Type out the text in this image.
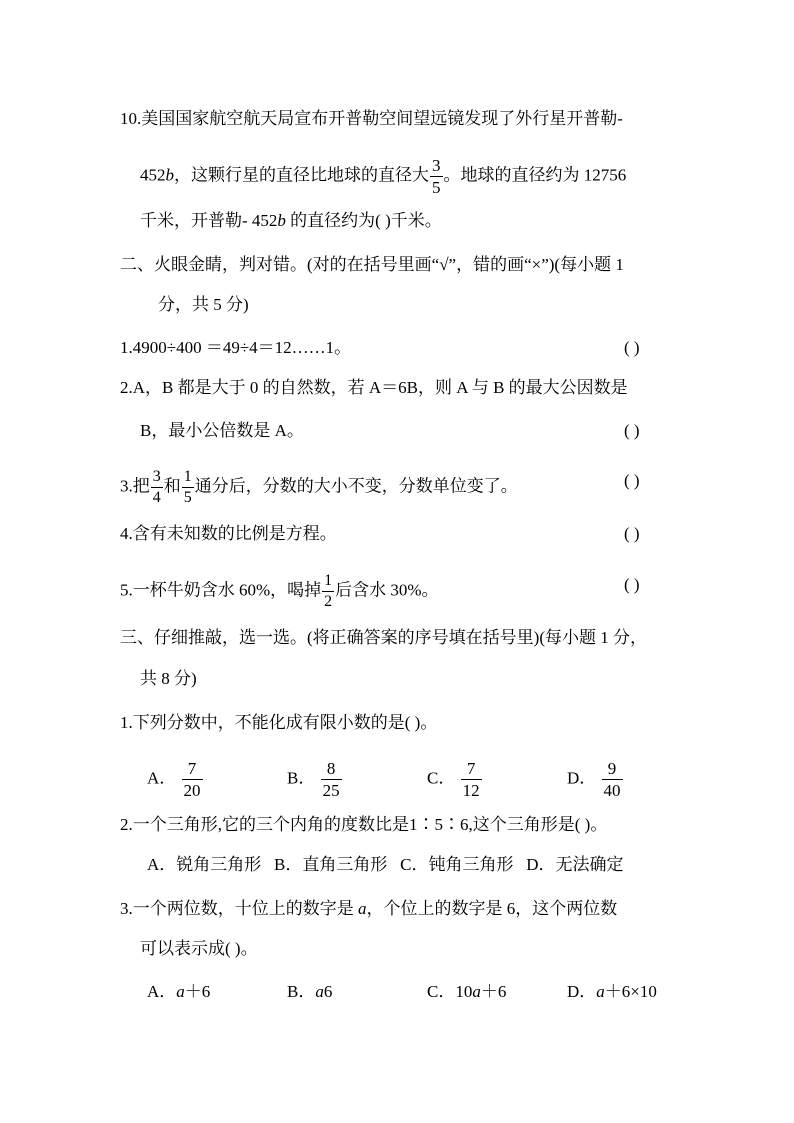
10.美国国家航空航天局宣布开普勒空间望远镜发现了外行星开普勒-
452b，这颗行星的直径比地球的直径大 $\frac{3}{5}$ 。地球的直径约为 12756
千米，开普勒- 452b 的直径约为( )千米。
二、火眼金睛，判对错。(对的在括号里画“√”，错的画“×”)(每小题 1
分，共 5 分)
1.4900÷400 ＝49÷4＝12……1。	( )
2.A，B 都是大于 0 的自然数，若 A＝6B，则 A 与 B 的最大公因数是
B，最小公倍数是 A。	( )
3.把 $\frac{3}{4}$ 和 $\frac{1}{5}$ 通分后，分数的大小不变，分数单位变了。	( )
4.含有未知数的比例是方程。	( )
5.一杯牛奶含水 60%，喝掉 $\frac{1}{2}$ 后含水 30%。	( )
三、仔细推敲，选一选。(将正确答案的序号填在括号里)(每小题 1 分，
共 8 分)
1.下列分数中，不能化成有限小数的是( )。
A． $\frac{7}{20}$	B． $\frac{8}{25}$	C． $\frac{7}{12}$	D． $\frac{9}{40}$
2.一个三角形,它的三个内角的度数比是1∶5∶6,这个三角形是( )。
A．锐角三角形   B．直角三角形   C．钝角三角形   D．无法确定
3.一个两位数，十位上的数字是 a，个位上的数字是 6，这个两位数
可以表示成( )。
A．a＋6	B．a6	C．10a＋6	D．a＋6×10
